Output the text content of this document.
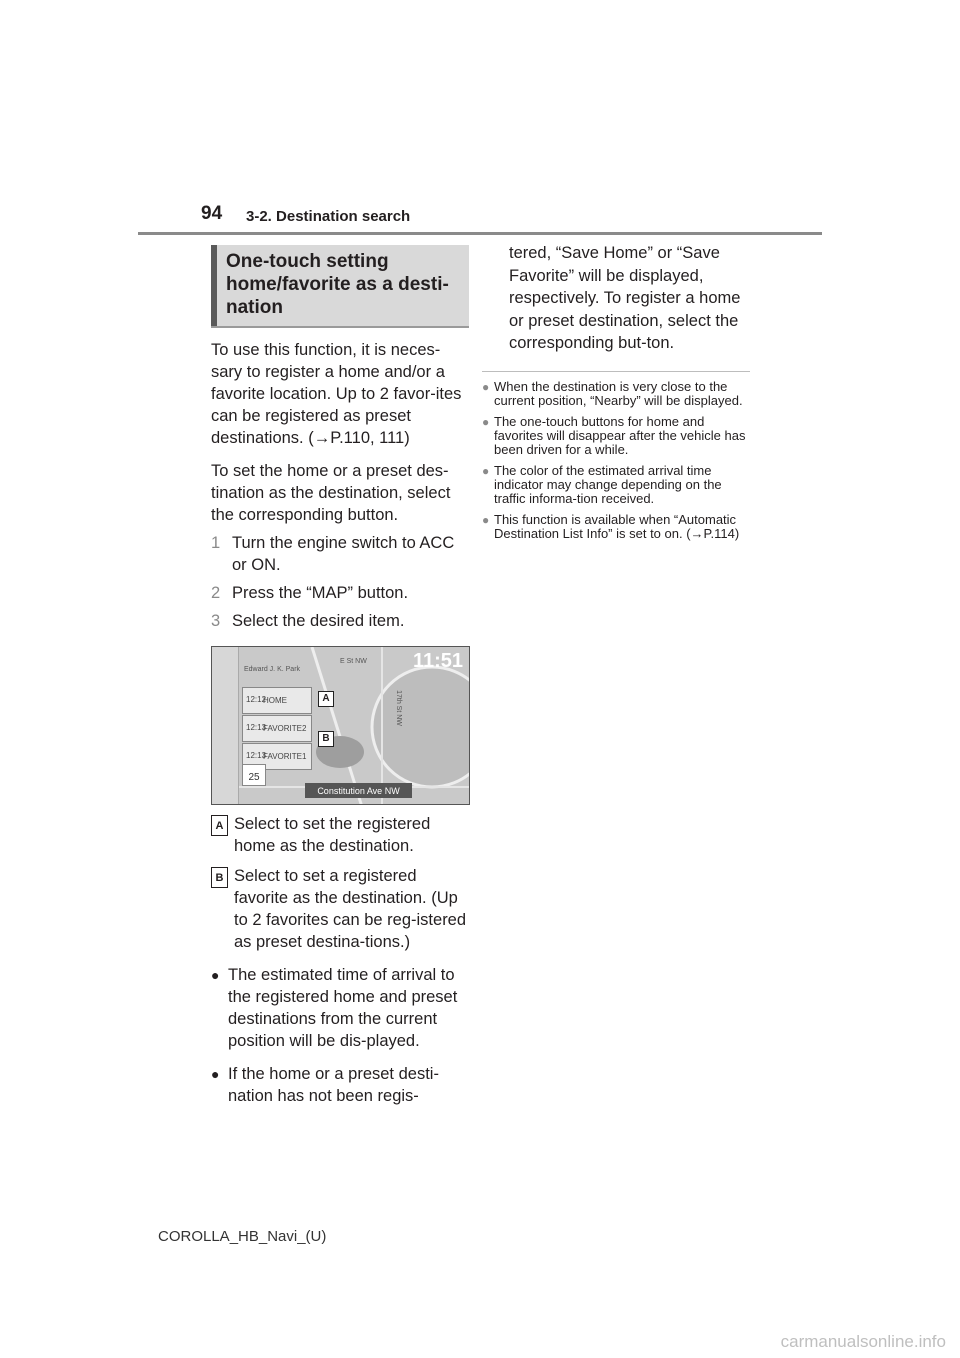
94 3-2. Destination search
One-touch setting home/favorite as a desti-nation

To use this function, it is neces-sary to register a home and/or a favorite location. Up to 2 favor-ites can be registered as preset destinations. (→P.110, 111)

To set the home or a preset des-tination as the destination, select the corresponding button.

1 Turn the engine switch to ACC or ON.
2 Press the “MAP” button.
3 Select the desired item.
11:51
Edward J. K. Park
E St NW
17th St NW
HOME
12:12
FAVORITE2
12:13
FAVORITE1
12:13
25
A
B
Constitution Ave NW
A Select to set the registered home as the destination.
B Select to set a registered favorite as the destination. (Up to 2 favorites can be reg-istered as preset destina-tions.)
● The estimated time of arrival to the registered home and preset destinations from the current position will be dis-played.
● If the home or a preset desti-nation has not been regis-
tered, “Save Home” or “Save Favorite” will be displayed, respectively. To register a home or preset destination, select the corresponding but-ton.
● When the destination is very close to the current position, “Nearby” will be displayed.
● The one-touch buttons for home and favorites will disappear after the vehicle has been driven for a while.
● The color of the estimated arrival time indicator may change depending on the traffic informa-tion received.
● This function is available when “Automatic Destination List Info” is set to on. (→P.114)
COROLLA_HB_Navi_(U)
carmanualsonline.info
